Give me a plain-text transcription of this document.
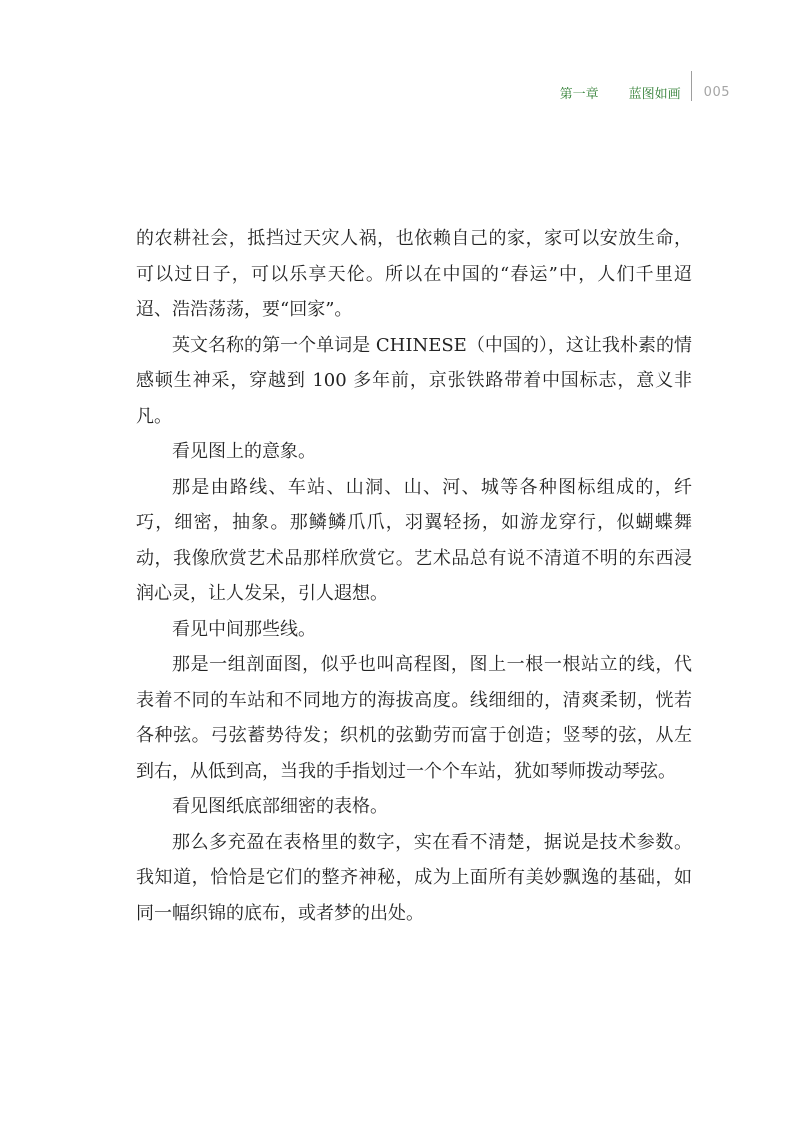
第一章 蓝图如画 005

的农耕社会，抵挡过天灾人祸，也依赖自己的家，家可以安放生命，可以过日子，可以乐享天伦。所以在中国的“春运”中，人们千里迢迢、浩浩荡荡，要“回家”。

英文名称的第一个单词是 CHINESE（中国的），这让我朴素的情感顿生神采，穿越到 100 多年前，京张铁路带着中国标志，意义非凡。

看见图上的意象。

那是由路线、车站、山洞、山、河、城等各种图标组成的，纤巧，细密，抽象。那鳞鳞爪爪，羽翼轻扬，如游龙穿行，似蝴蝶舞动，我像欣赏艺术品那样欣赏它。艺术品总有说不清道不明的东西浸润心灵，让人发呆，引人遐想。

看见中间那些线。

那是一组剖面图，似乎也叫高程图，图上一根一根站立的线，代表着不同的车站和不同地方的海拔高度。线细细的，清爽柔韧，恍若各种弦。弓弦蓄势待发；织机的弦勤劳而富于创造；竖琴的弦，从左到右，从低到高，当我的手指划过一个个车站，犹如琴师拨动琴弦。

看见图纸底部细密的表格。

那么多充盈在表格里的数字，实在看不清楚，据说是技术参数。我知道，恰恰是它们的整齐神秘，成为上面所有美妙飘逸的基础，如同一幅织锦的底布，或者梦的出处。
